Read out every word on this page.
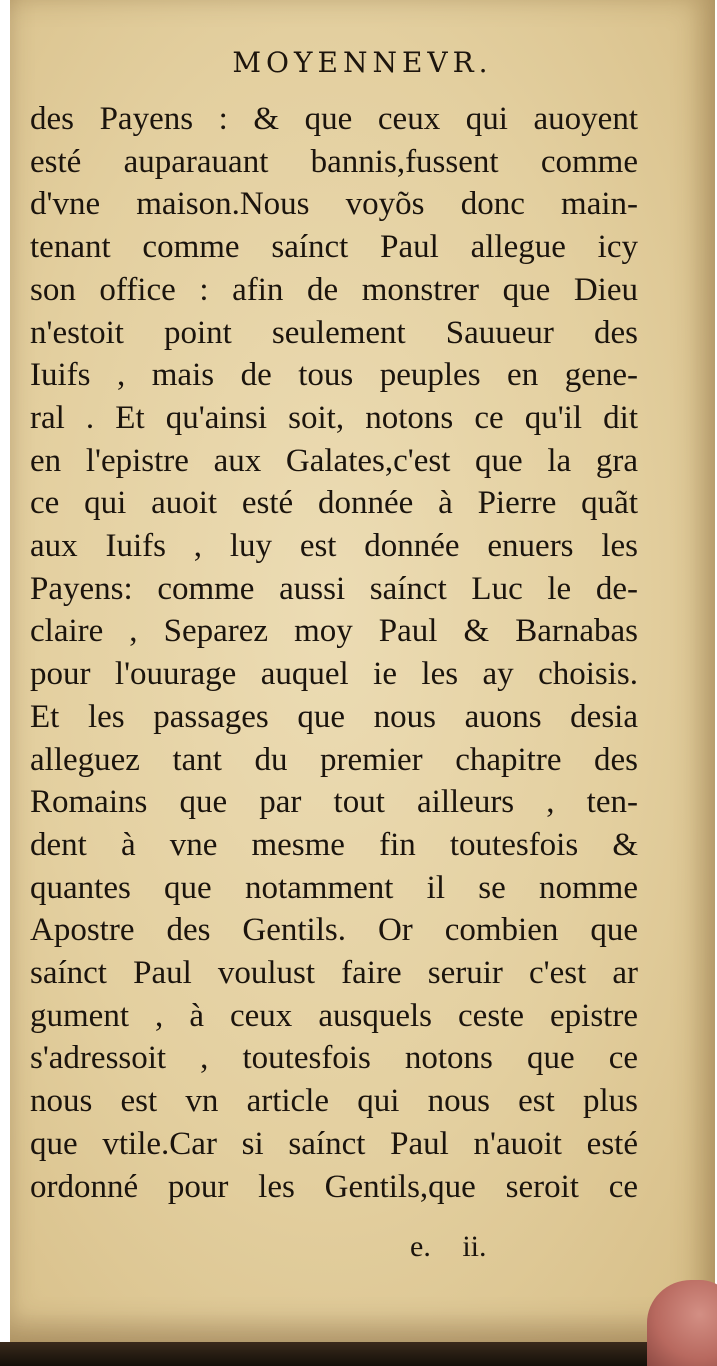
MOYENNEVR.
des Payens : & que ceux qui auoyent
esté auparauant bannis,fussent comme
d'vne maison.Nous voyõs donc main-
tenant comme saínct Paul allegue icy
son office : afin de monstrer que Dieu
n'estoit point seulement Sauueur des
Iuifs , mais de tous peuples en gene-
ral . Et qu'ainsi soit, notons ce qu'il dit
en l'epistre aux Galates,c'est que la gra
ce qui auoit esté donnée à Pierre quãt
aux Iuifs , luy est donnée enuers les
Payens: comme aussi saínct Luc le de-
claire , Separez moy Paul & Barnabas
pour l'ouurage auquel ie les ay choisis.
Et les passages que nous auons desia
alleguez tant du premier chapitre des
Romains que par tout ailleurs , ten-
dent à vne mesme fin toutesfois &
quantes que notamment il se nomme
Apostre des Gentils. Or combien que
saínct Paul voulust faire seruir c'est ar
gument , à ceux ausquels ceste epistre
s'adressoit , toutesfois notons que ce
nous est vn article qui nous est plus
que vtile.Car si saínct Paul n'auoit esté
ordonné pour les Gentils,que seroit ce
e. ii.
